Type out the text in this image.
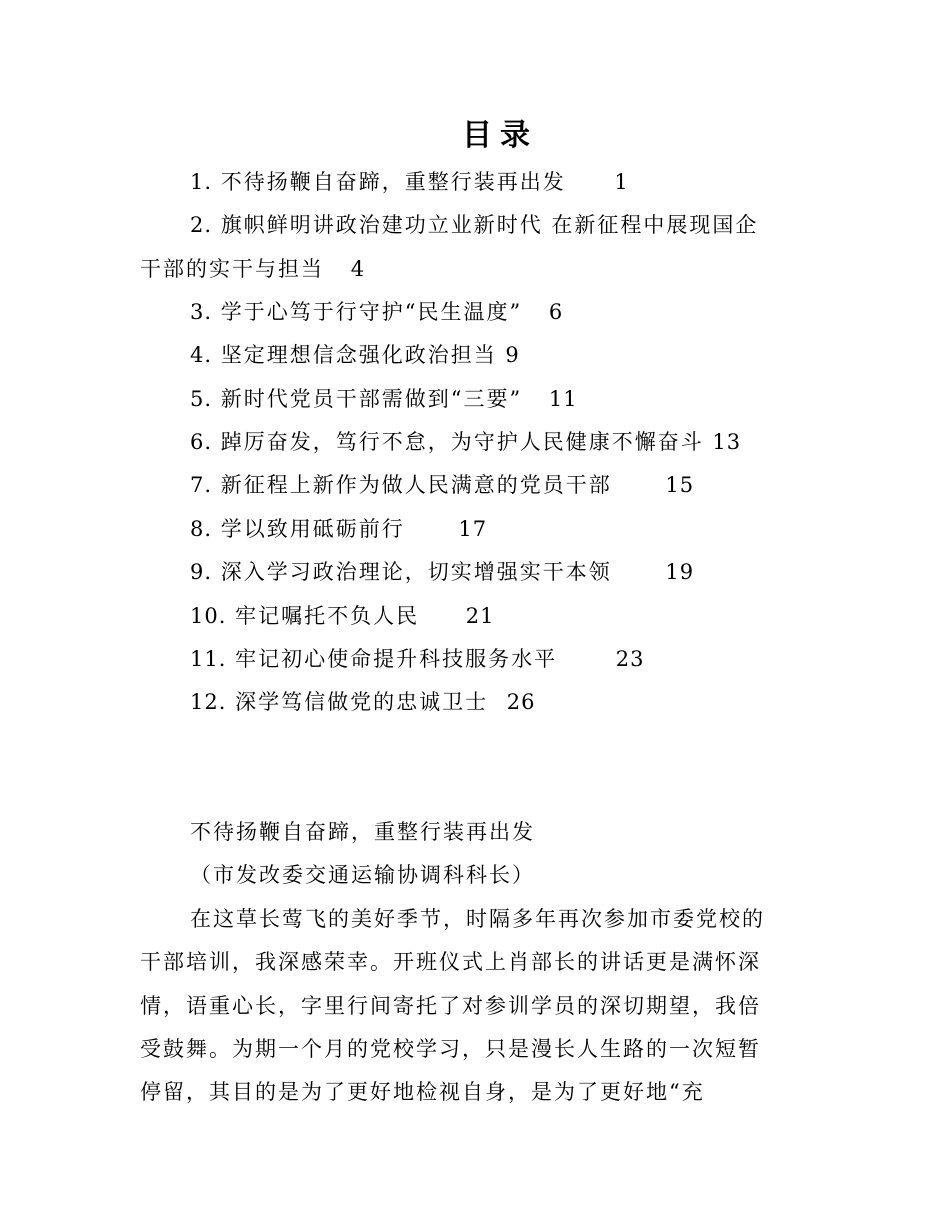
目录
1. 不待扬鞭自奋蹄，重整行装再出发 1
2. 旗帜鲜明讲政治建功立业新时代 在新征程中展现国企
干部的实干与担当 4
3. 学于心笃于行守护“民生温度” 6
4. 坚定理想信念强化政治担当 9
5. 新时代党员干部需做到“三要” 11
6. 踔厉奋发，笃行不怠，为守护人民健康不懈奋斗 13
7. 新征程上新作为做人民满意的党员干部	15
8. 学以致用砥砺前行	17
9. 深入学习政治理论，切实增强实干本领	19
10. 牢记嘱托不负人民 21
11. 牢记初心使命提升科技服务水平	23
12. 深学笃信做党的忠诚卫士 26
不待扬鞭自奋蹄，重整行装再出发
（市发改委交通运输协调科科长）
在这草长莺飞的美好季节，时隔多年再次参加市委党校的
干部培训，我深感荣幸。开班仪式上肖部长的讲话更是满怀深
情，语重心长，字里行间寄托了对参训学员的深切期望，我倍
受鼓舞。为期一个月的党校学习，只是漫长人生路的一次短暂
停留，其目的是为了更好地检视自身，是为了更好地“充
